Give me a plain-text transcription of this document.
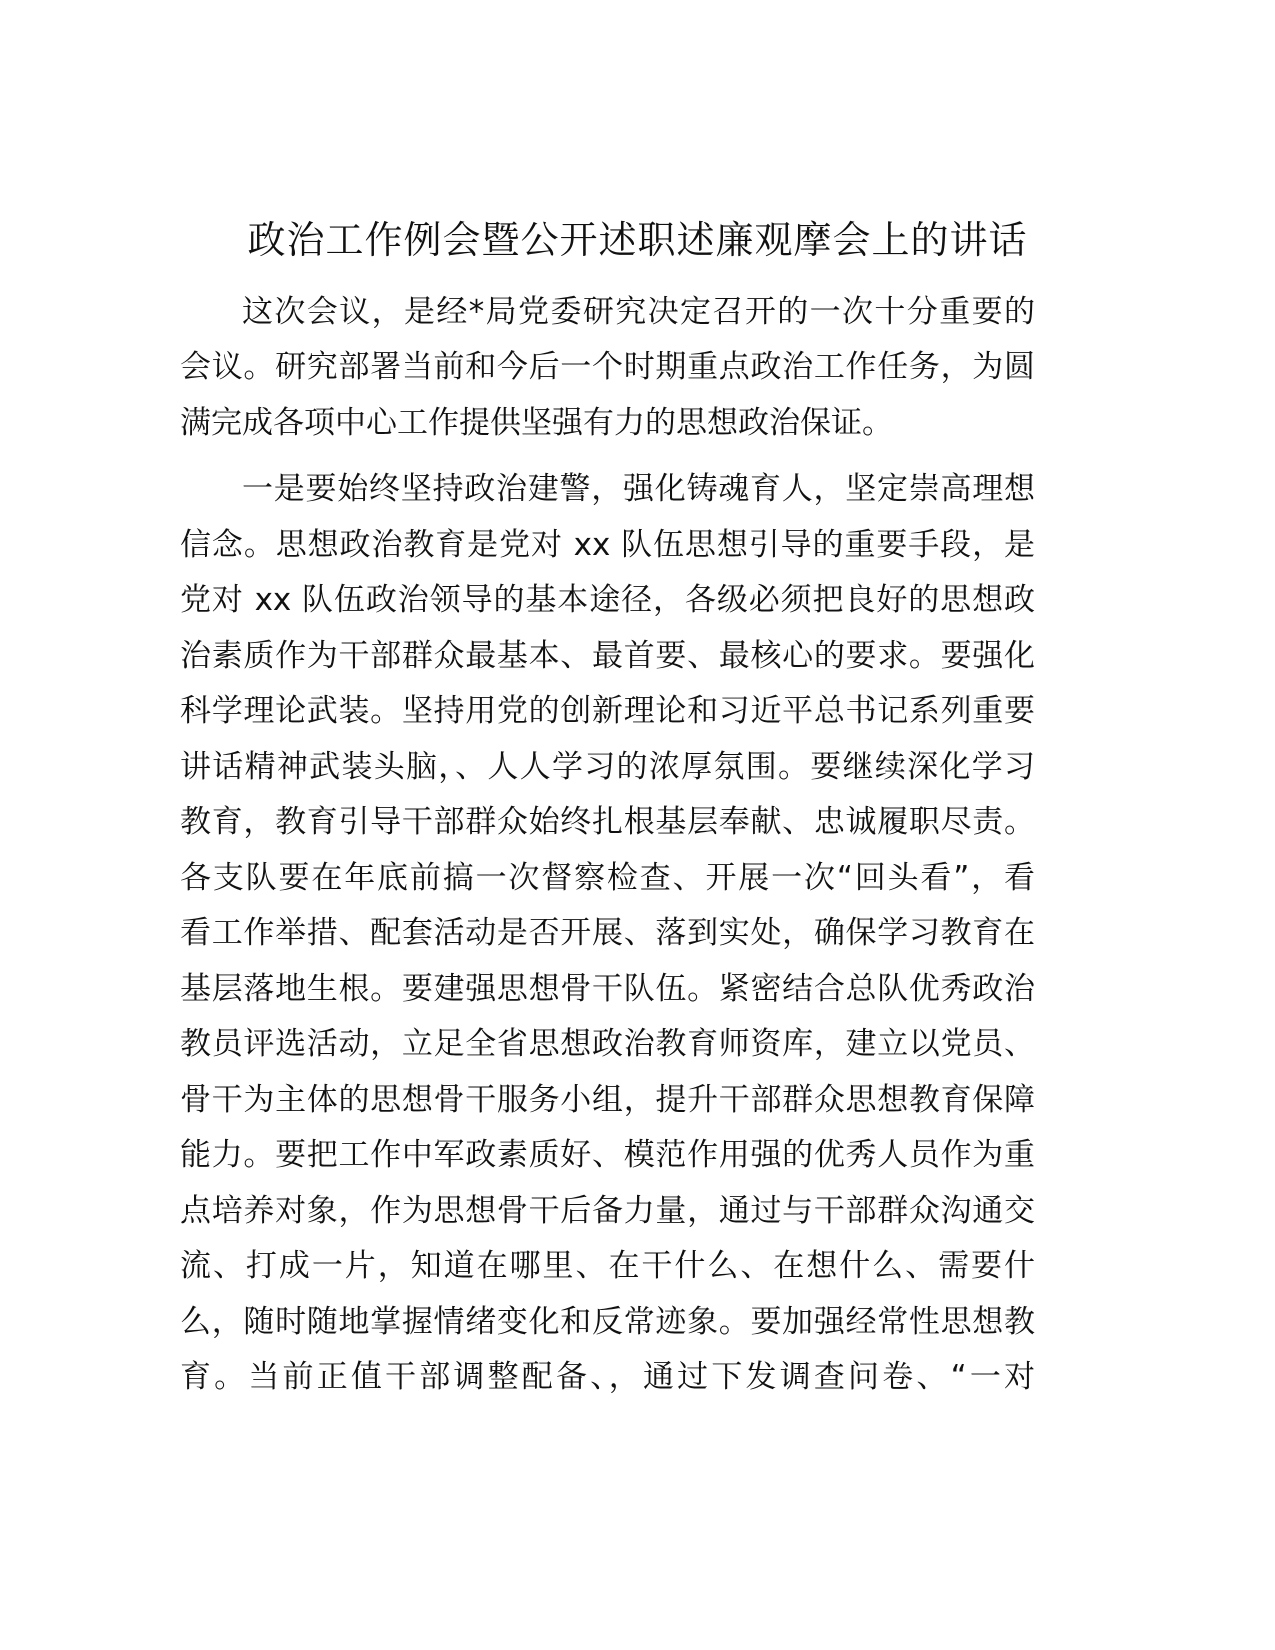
政治工作例会暨公开述职述廉观摩会上的讲话
这次会议，是经*局党委研究决定召开的一次十分重要的
会议。研究部署当前和今后一个时期重点政治工作任务，为圆
满完成各项中心工作提供坚强有力的思想政治保证。
一是要始终坚持政治建警，强化铸魂育人，坚定崇高理想
信念。思想政治教育是党对 xx 队伍思想引导的重要手段，是
党对 xx 队伍政治领导的基本途径，各级必须把良好的思想政
治素质作为干部群众最基本、最首要、最核心的要求。要强化
科学理论武装。坚持用党的创新理论和习近平总书记系列重要
讲话精神武装头脑，、人人学习的浓厚氛围。要继续深化学习
教育，教育引导干部群众始终扎根基层奉献、忠诚履职尽责。
各支队要在年底前搞一次督察检查、开展一次“回头看”，看
看工作举措、配套活动是否开展、落到实处，确保学习教育在
基层落地生根。要建强思想骨干队伍。紧密结合总队优秀政治
教员评选活动，立足全省思想政治教育师资库，建立以党员、
骨干为主体的思想骨干服务小组，提升干部群众思想教育保障
能力。要把工作中军政素质好、模范作用强的优秀人员作为重
点培养对象，作为思想骨干后备力量，通过与干部群众沟通交
流、打成一片，知道在哪里、在干什么、在想什么、需要什
么，随时随地掌握情绪变化和反常迹象。要加强经常性思想教
育。当前正值干部调整配备、，通过下发调查问卷、“一对
